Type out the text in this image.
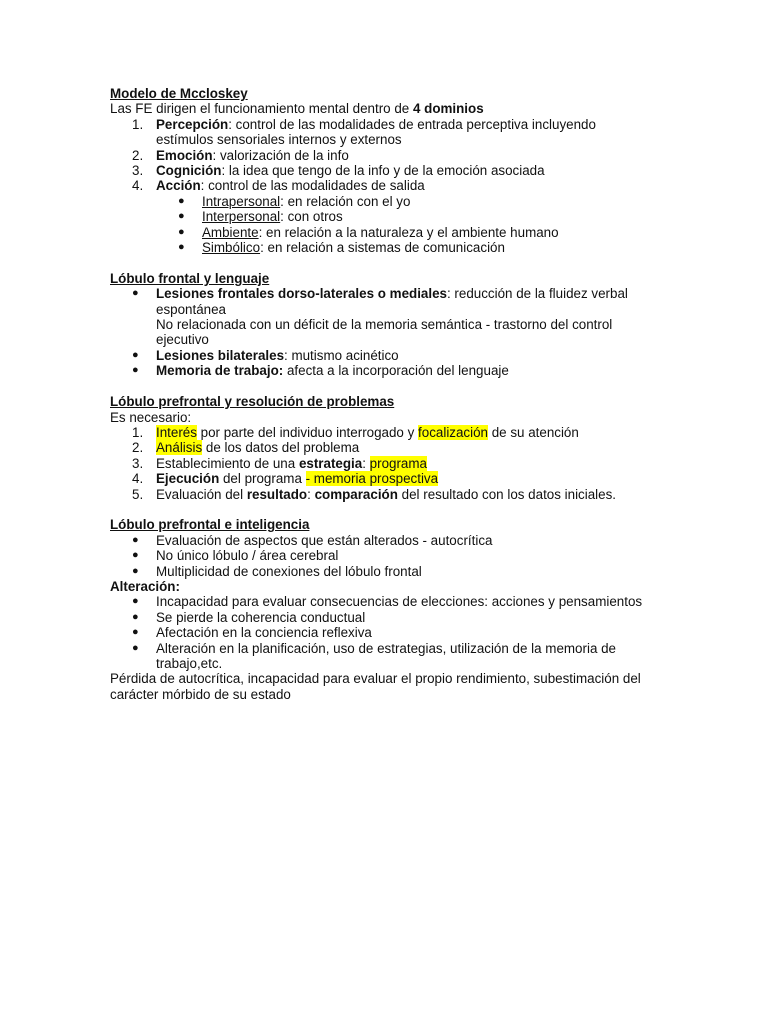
Modelo de Mccloskey
Las FE dirigen el funcionamiento mental dentro de 4 dominios
1. Percepción: control de las modalidades de entrada perceptiva incluyendo estímulos sensoriales internos y externos
2. Emoción: valorización de la info
3. Cognición: la idea que tengo de la info y de la emoción asociada
4. Acción: control de las modalidades de salida
● Intrapersonal: en relación con el yo
● Interpersonal: con otros
● Ambiente: en relación a la naturaleza y el ambiente humano
● Simbólico: en relación a sistemas de comunicación
Lóbulo frontal y lenguaje
● Lesiones frontales dorso-laterales o mediales: reducción de la fluidez verbal espontánea
No relacionada con un déficit de la memoria semántica - trastorno del control ejecutivo
● Lesiones bilaterales: mutismo acinético
● Memoria de trabajo: afecta a la incorporación del lenguaje
Lóbulo prefrontal y resolución de problemas
Es necesario:
1. Interés por parte del individuo interrogado y focalización de su atención
2. Análisis de los datos del problema
3. Establecimiento de una estrategia: programa
4. Ejecución del programa - memoria prospectiva
5. Evaluación del resultado: comparación del resultado con los datos iniciales.
Lóbulo prefrontal e inteligencia
● Evaluación de aspectos que están alterados - autocrítica
● No único lóbulo / área cerebral
● Multiplicidad de conexiones del lóbulo frontal
Alteración:
● Incapacidad para evaluar consecuencias de elecciones: acciones y pensamientos
● Se pierde la coherencia conductual
● Afectación en la conciencia reflexiva
● Alteración en la planificación, uso de estrategias, utilización de la memoria de trabajo,etc.
Pérdida de autocrítica, incapacidad para evaluar el propio rendimiento, subestimación del carácter mórbido de su estado
